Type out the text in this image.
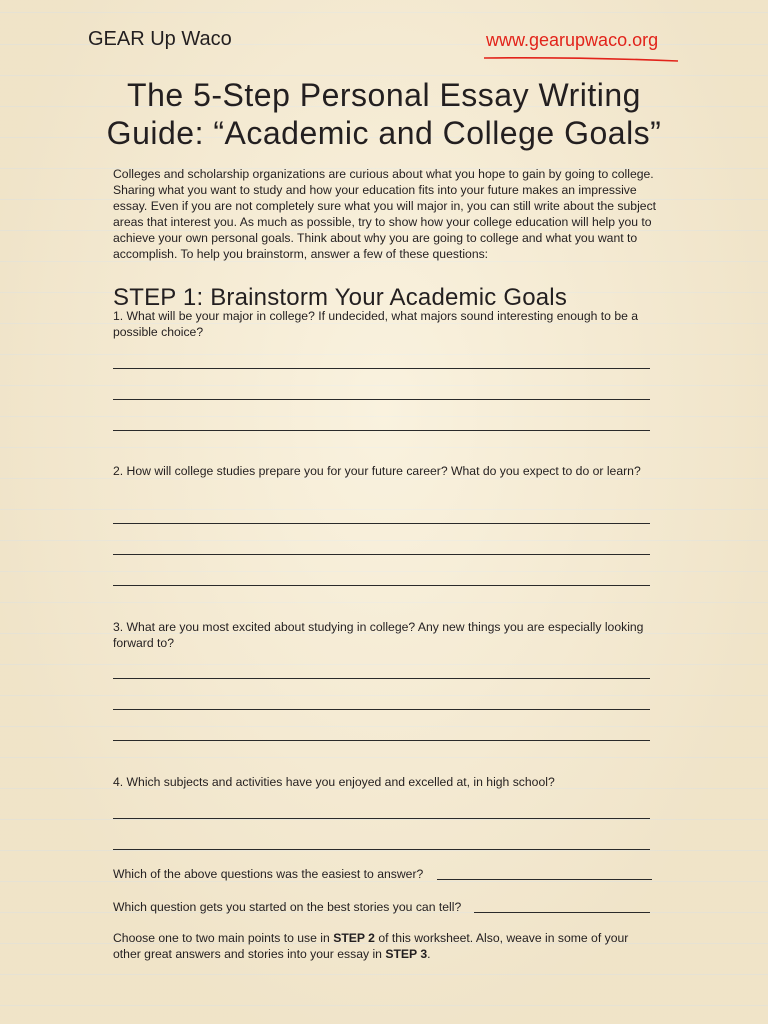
GEAR Up Waco	www.gearupwaco.org
The 5-Step Personal Essay Writing
Guide: “Academic and College Goals”

Colleges and scholarship organizations are curious about what you hope to gain by going to college. Sharing what you want to study and how your education fits into your future makes an impressive essay. Even if you are not completely sure what you will major in, you can still write about the subject areas that interest you. As much as possible, try to show how your college education will help you to achieve your own personal goals. Think about why you are going to college and what you want to accomplish. To help you brainstorm, answer a few of these questions:

STEP 1: Brainstorm Your Academic Goals

1. What will be your major in college? If undecided, what majors sound interesting enough to be a possible choice?

2. How will college studies prepare you for your future career? What do you expect to do or learn?

3. What are you most excited about studying in college? Any new things you are especially looking forward to?

4. Which subjects and activities have you enjoyed and excelled at, in high school?

Which of the above questions was the easiest to answer?

Which question gets you started on the best stories you can tell?

Choose one to two main points to use in STEP 2 of this worksheet. Also, weave in some of your other great answers and stories into your essay in STEP 3.
